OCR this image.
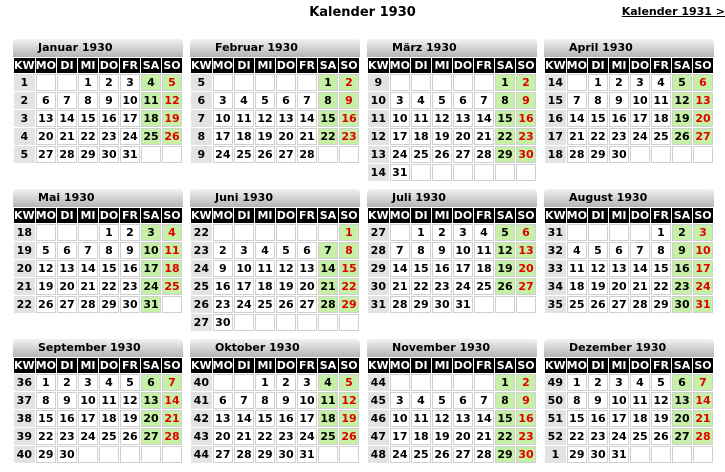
Kalender 1930	Kalender 1931 >
Januar 1930
KW	MO	DI	MI	DO	FR	SA	SO
1			1	2	3	4	5
2	6	7	8	9	10	11	12
3	13	14	15	16	17	18	19
4	20	21	22	23	24	25	26
5	27	28	29	30	31		
Februar 1930
KW	MO	DI	MI	DO	FR	SA	SO
5						1	2
6	3	4	5	6	7	8	9
7	10	11	12	13	14	15	16
8	17	18	19	20	21	22	23
9	24	25	26	27	28		
März 1930
KW	MO	DI	MI	DO	FR	SA	SO
9						1	2
10	3	4	5	6	7	8	9
11	10	11	12	13	14	15	16
12	17	18	19	20	21	22	23
13	24	25	26	27	28	29	30
14	31						
April 1930
KW	MO	DI	MI	DO	FR	SA	SO
14		1	2	3	4	5	6
15	7	8	9	10	11	12	13
16	14	15	16	17	18	19	20
17	21	22	23	24	25	26	27
18	28	29	30				
Mai 1930
KW	MO	DI	MI	DO	FR	SA	SO
18				1	2	3	4
19	5	6	7	8	9	10	11
20	12	13	14	15	16	17	18
21	19	20	21	22	23	24	25
22	26	27	28	29	30	31	
Juni 1930
KW	MO	DI	MI	DO	FR	SA	SO
22							1
23	2	3	4	5	6	7	8
24	9	10	11	12	13	14	15
25	16	17	18	19	20	21	22
26	23	24	25	26	27	28	29
27	30						
Juli 1930
KW	MO	DI	MI	DO	FR	SA	SO
27		1	2	3	4	5	6
28	7	8	9	10	11	12	13
29	14	15	16	17	18	19	20
30	21	22	23	24	25	26	27
31	28	29	30	31			
August 1930
KW	MO	DI	MI	DO	FR	SA	SO
31					1	2	3
32	4	5	6	7	8	9	10
33	11	12	13	14	15	16	17
34	18	19	20	21	22	23	24
35	25	26	27	28	29	30	31
September 1930
KW	MO	DI	MI	DO	FR	SA	SO
36	1	2	3	4	5	6	7
37	8	9	10	11	12	13	14
38	15	16	17	18	19	20	21
39	22	23	24	25	26	27	28
40	29	30					
Oktober 1930
KW	MO	DI	MI	DO	FR	SA	SO
40			1	2	3	4	5
41	6	7	8	9	10	11	12
42	13	14	15	16	17	18	19
43	20	21	22	23	24	25	26
44	27	28	29	30	31		
November 1930
KW	MO	DI	MI	DO	FR	SA	SO
44						1	2
45	3	4	5	6	7	8	9
46	10	11	12	13	14	15	16
47	17	18	19	20	21	22	23
48	24	25	26	27	28	29	30
Dezember 1930
KW	MO	DI	MI	DO	FR	SA	SO
49	1	2	3	4	5	6	7
50	8	9	10	11	12	13	14
51	15	16	17	18	19	20	21
52	22	23	24	25	26	27	28
1	29	30	31				
